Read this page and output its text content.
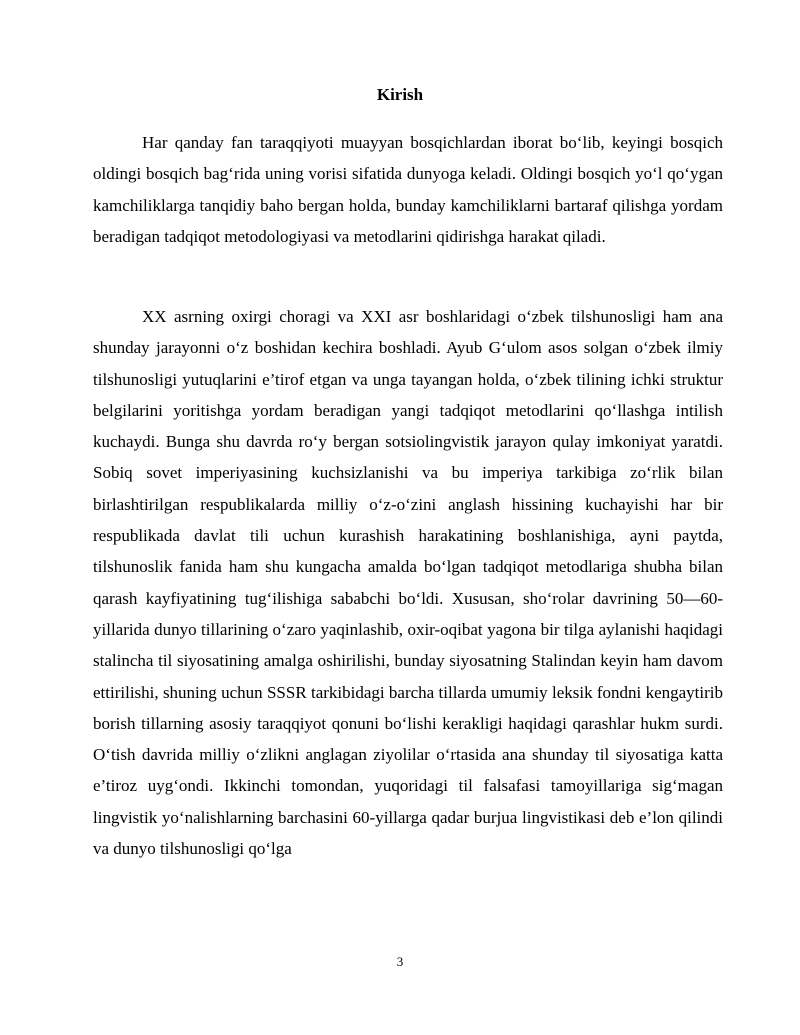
Kirish

Har qanday fan taraqqiyoti muayyan bosqichlardan iborat bo‘lib, keyingi bosqich oldingi bosqich bag‘rida uning vorisi sifatida dunyoga keladi. Oldingi bosqich yo‘l qo‘ygan kamchiliklarga tanqidiy baho bergan holda, bunday kamchiliklarni bartaraf qilishga yordam beradigan tadqiqot metodologiyasi va metodlarini qidirishga harakat qiladi.

XX asrning oxirgi choragi va XXI asr boshlaridagi o‘zbek tilshunosligi ham ana shunday jarayonni o‘z boshidan kechira boshladi. Ayub G‘ulom asos solgan o‘zbek ilmiy tilshunosligi yutuqlarini e’tirof etgan va unga tayangan holda, o‘zbek tilining ichki struktur belgilarini yoritishga yordam beradigan yangi tadqiqot metodlarini qo‘llashga intilish kuchaydi. Bunga shu davrda ro‘y bergan sotsiolingvistik jarayon qulay imkoniyat yaratdi. Sobiq sovet imperiyasining kuchsizlanishi va bu imperiya tarkibiga zo‘rlik bilan birlashtirilgan respublikalarda milliy o‘z-o‘zini anglash hissining kuchayishi har bir respublikada davlat tili uchun kurashish harakatining boshlanishiga, ayni paytda, tilshunoslik fanida ham shu kungacha amalda bo‘lgan tadqiqot metodlariga shubha bilan qarash kayfiyatining tug‘ilishiga sababchi bo‘ldi. Xususan, sho‘rolar davrining 50—60-yillarida dunyo tillarining o‘zaro yaqinlashib, oxir-oqibat yagona bir tilga aylanishi haqidagi stalincha til siyosatining amalga oshirilishi, bunday siyosatning Stalindan keyin ham davom ettirilishi, shuning uchun SSSR tarkibidagi barcha tillarda umumiy leksik fondni kengaytirib borish tillarning asosiy taraqqiyot qonuni bo‘lishi kerakligi haqidagi qarashlar hukm surdi. O‘tish davrida milliy o‘zlikni anglagan ziyolilar o‘rtasida ana shunday til siyosatiga katta e’tiroz uyg‘ondi. Ikkinchi tomondan, yuqoridagi til falsafasi tamoyillariga sig‘magan lingvistik yo‘nalishlarning barchasini 60-yillarga qadar burjua lingvistikasi deb e’lon qilindi va dunyo tilshunosligi qo‘lga

3
